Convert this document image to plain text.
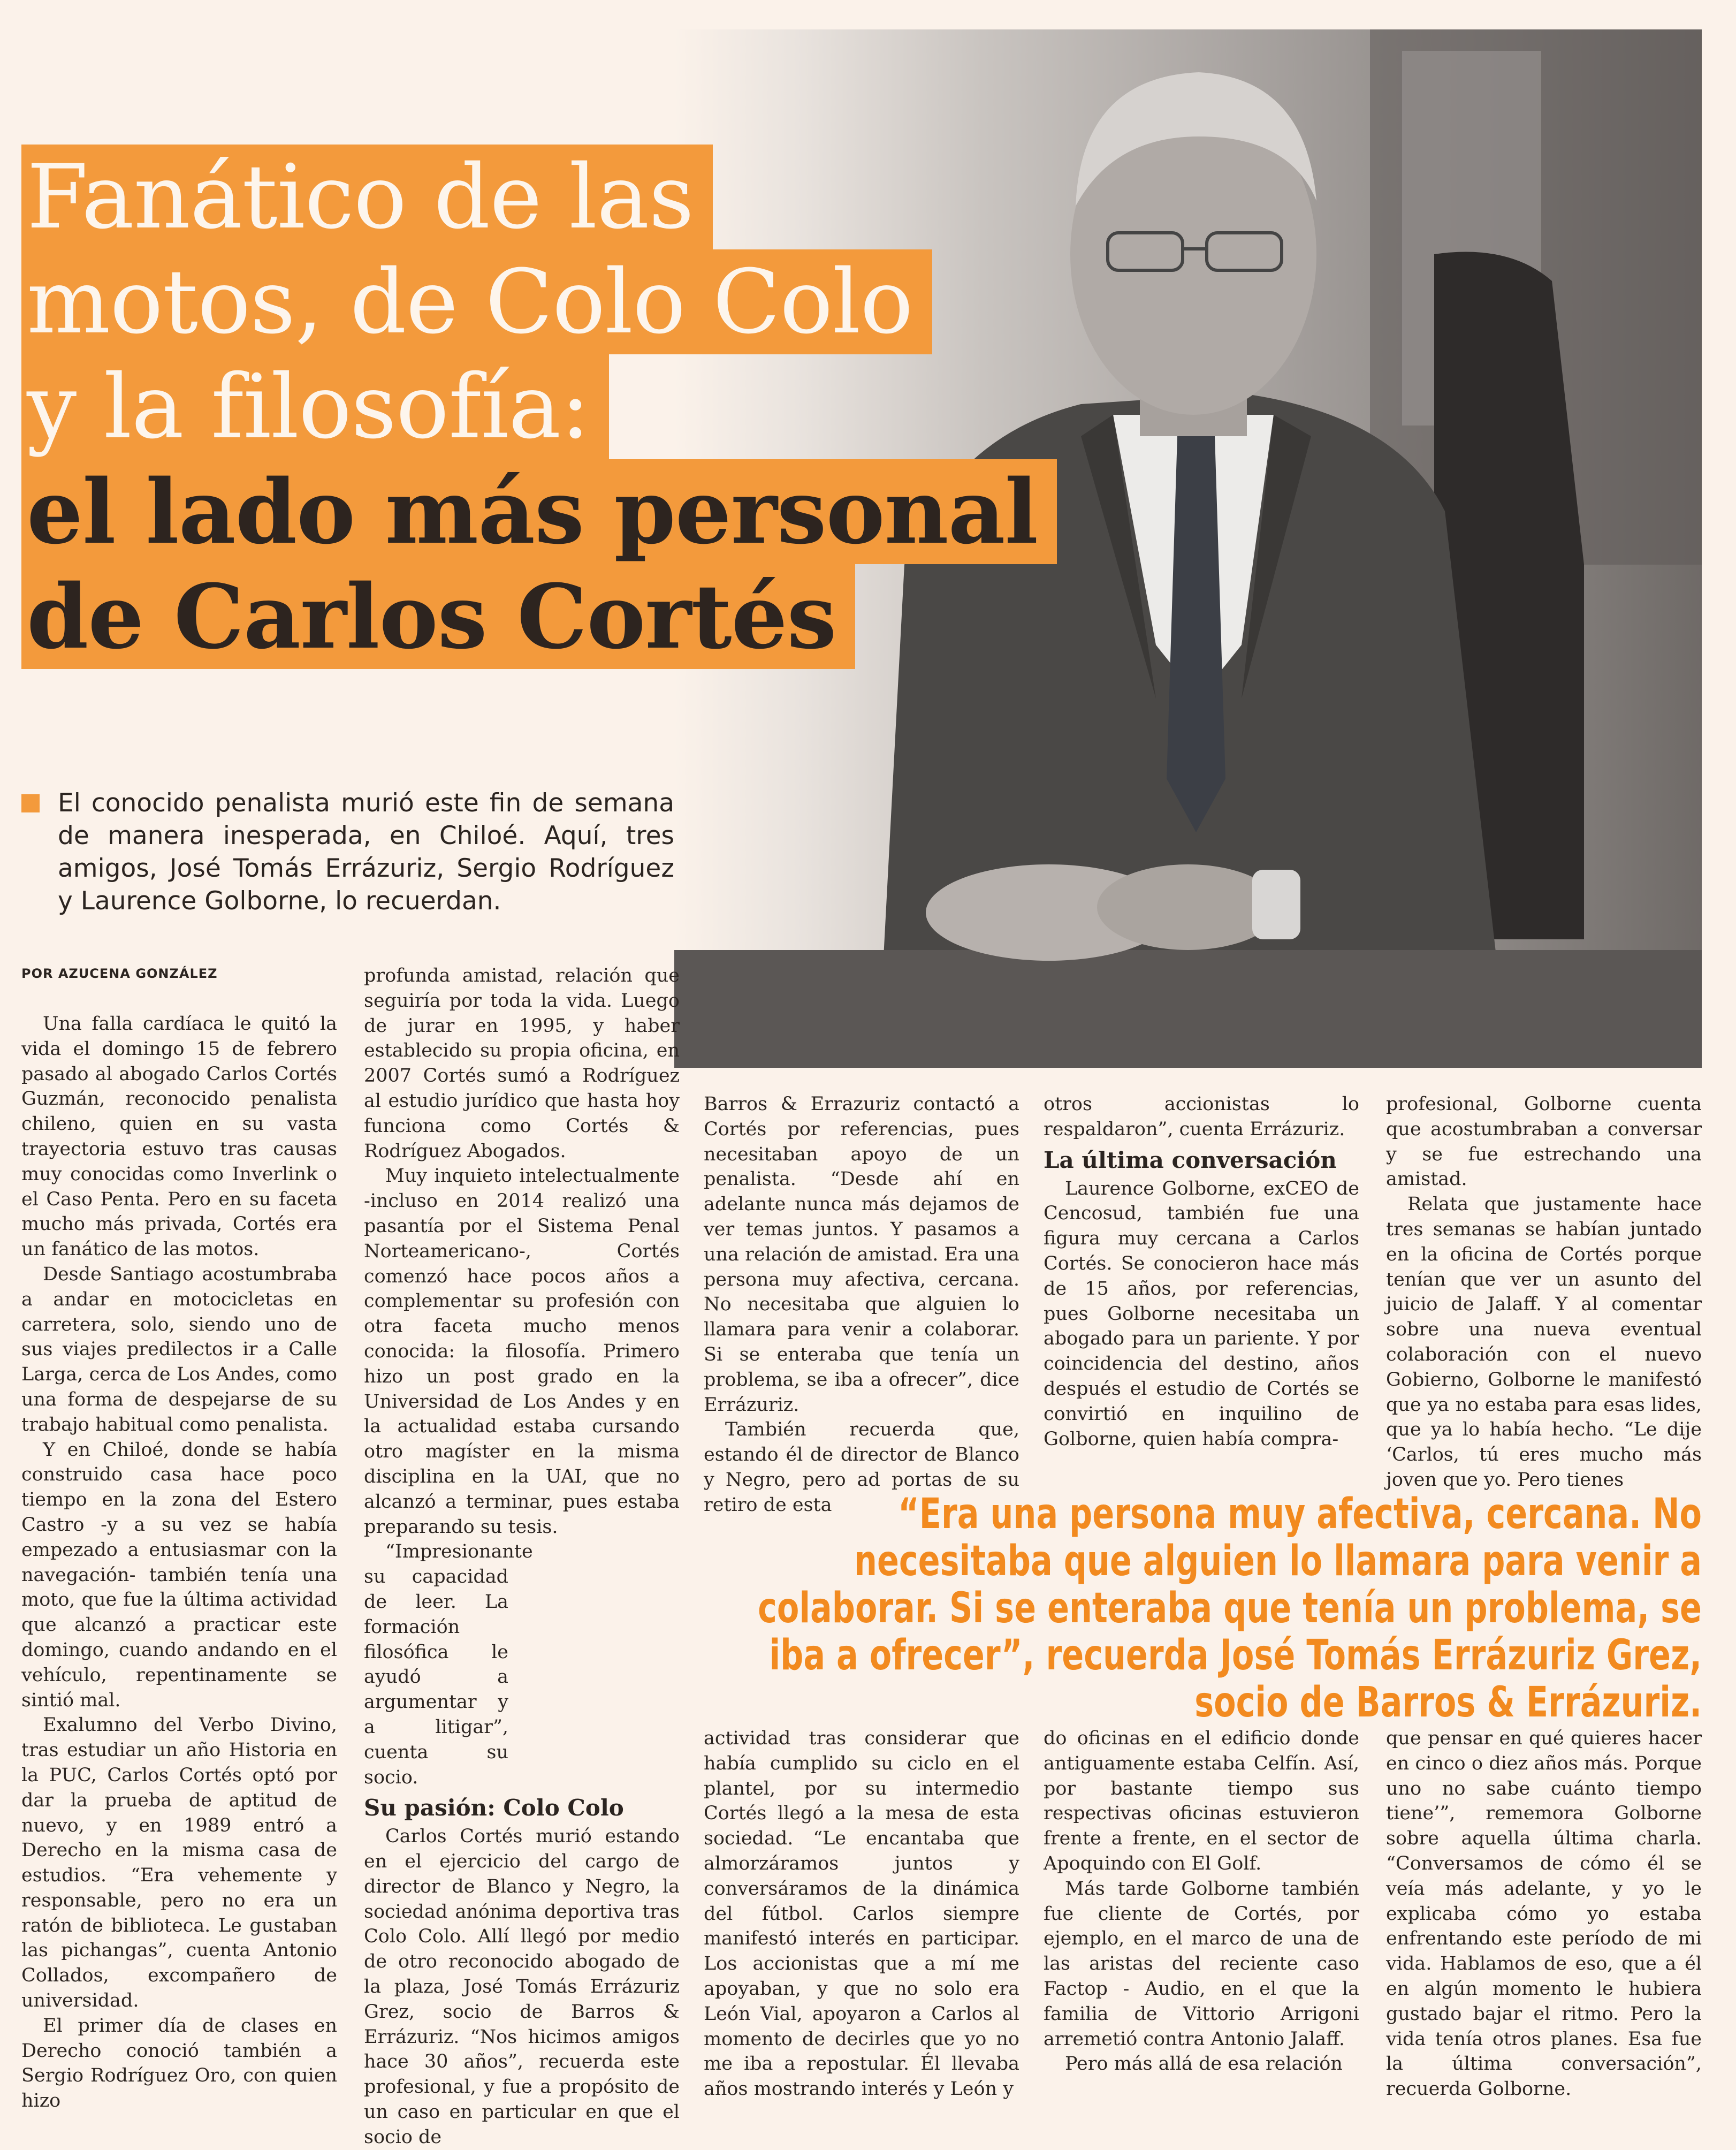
Fanático de las
motos, de Colo Colo
y la filosofía:
el lado más personal
de Carlos Cortés

El conocido penalista murió este fin de semana de manera inesperada, en Chiloé. Aquí, tres amigos, José Tomás Errázuriz, Sergio Rodríguez y Laurence Golborne, lo recuerdan.

POR AZUCENA GONZÁLEZ

Una falla cardíaca le quitó la vida el domingo 15 de febrero pasado al abogado Carlos Cortés Guzmán, reconocido penalista chileno, quien en su vasta trayectoria estuvo tras causas muy conocidas como Inverlink o el Caso Penta. Pero en su faceta mucho más privada, Cortés era un fanático de las motos.

Desde Santiago acostumbraba a andar en motocicletas en carretera, solo, siendo uno de sus viajes predilectos ir a Calle Larga, cerca de Los Andes, como una forma de despejarse de su trabajo habitual como penalista.

Y en Chiloé, donde se había construido casa hace poco tiempo en la zona del Estero Castro -y a su vez se había empezado a entusiasmar con la navegación- también tenía una moto, que fue la última actividad que alcanzó a practicar este domingo, cuando andando en el vehículo, repentinamente se sintió mal.

Exalumno del Verbo Divino, tras estudiar un año Historia en la PUC, Carlos Cortés optó por dar la prueba de aptitud de nuevo, y en 1989 entró a Derecho en la misma casa de estudios. “Era vehemente y responsable, pero no era un ratón de biblioteca. Le gustaban las pichangas”, cuenta Antonio Collados, excompañero de universidad.

El primer día de clases en Derecho conoció también a Sergio Rodríguez Oro, con quien hizo

profunda amistad, relación que seguiría por toda la vida. Luego de jurar en 1995, y haber establecido su propia oficina, en 2007 Cortés sumó a Rodríguez al estudio jurídico que hasta hoy funciona como Cortés & Rodríguez Abogados.

Muy inquieto intelectualmente -incluso en 2014 realizó una pasantía por el Sistema Penal Norteamericano-, Cortés comenzó hace pocos años a complementar su profesión con otra faceta mucho menos conocida: la filosofía. Primero hizo un post grado en la Universidad de Los Andes y en la actualidad estaba cursando otro magíster en la misma disciplina en la UAI, que no alcanzó a terminar, pues estaba preparando su tesis.

“Impresionante su capacidad de leer. La formación filosófica le ayudó a argumentar y a litigar”, cuenta su socio.

Su pasión: Colo Colo

Carlos Cortés murió estando en el ejercicio del cargo de director de Blanco y Negro, la sociedad anónima deportiva tras Colo Colo. Allí llegó por medio de otro reconocido abogado de la plaza, José Tomás Errázuriz Grez, socio de Barros & Errázuriz. “Nos hicimos amigos hace 30 años”, recuerda este profesional, y fue a propósito de un caso en particular en que el socio de

Barros & Errazuriz contactó a Cortés por referencias, pues necesitaban apoyo de un penalista. “Desde ahí en adelante nunca más dejamos de ver temas juntos. Y pasamos a una relación de amistad. Era una persona muy afectiva, cercana. No necesitaba que alguien lo llamara para venir a colaborar. Si se enteraba que tenía un problema, se iba a ofrecer”, dice Errázuriz.

También recuerda que, estando él de director de Blanco y Negro, pero ad portas de su retiro de esta

actividad tras considerar que había cumplido su ciclo en el plantel, por su intermedio Cortés llegó a la mesa de esta sociedad. “Le encantaba que almorzáramos juntos y conversáramos de la dinámica del fútbol. Carlos siempre manifestó interés en participar. Los accionistas que a mí me apoyaban, y que no solo era León Vial, apoyaron a Carlos al momento de decirles que yo no me iba a repostular. Él llevaba años mostrando interés y León y

otros accionistas lo respaldaron”, cuenta Errázuriz.

La última conversación

Laurence Golborne, exCEO de Cencosud, también fue una figura muy cercana a Carlos Cortés. Se conocieron hace más de 15 años, por referencias, pues Golborne necesitaba un abogado para un pariente. Y por coincidencia del destino, años después el estudio de Cortés se convirtió en inquilino de Golborne, quien había compra-

do oficinas en el edificio donde antiguamente estaba Celfín. Así, por bastante tiempo sus respectivas oficinas estuvieron frente a frente, en el sector de Apoquindo con El Golf.

Más tarde Golborne también fue cliente de Cortés, por ejemplo, en el marco de una de las aristas del reciente caso Factop - Audio, en el que la familia de Vittorio Arrigoni arremetió contra Antonio Jalaff.

Pero más allá de esa relación

profesional, Golborne cuenta que acostumbraban a conversar y se fue estrechando una amistad.

Relata que justamente hace tres semanas se habían juntado en la oficina de Cortés porque tenían que ver un asunto del juicio de Jalaff. Y al comentar sobre una nueva eventual colaboración con el nuevo Gobierno, Golborne le manifestó que ya no estaba para esas lides, que ya lo había hecho. “Le dije ‘Carlos, tú eres mucho más joven que yo. Pero tienes

que pensar en qué quieres hacer en cinco o diez años más. Porque uno no sabe cuánto tiempo tiene’”, rememora Golborne sobre aquella última charla. “Conversamos de cómo él se veía más adelante, y yo le explicaba cómo yo estaba enfrentando este período de mi vida. Hablamos de eso, que a él en algún momento le hubiera gustado bajar el ritmo. Pero la vida tenía otros planes. Esa fue la última conversación”, recuerda Golborne.

“Era una persona muy afectiva, cercana. No necesitaba que alguien lo llamara para venir a colaborar. Si se enteraba que tenía un problema, se iba a ofrecer”, recuerda José Tomás Errázuriz Grez, socio de Barros & Errázuriz.
